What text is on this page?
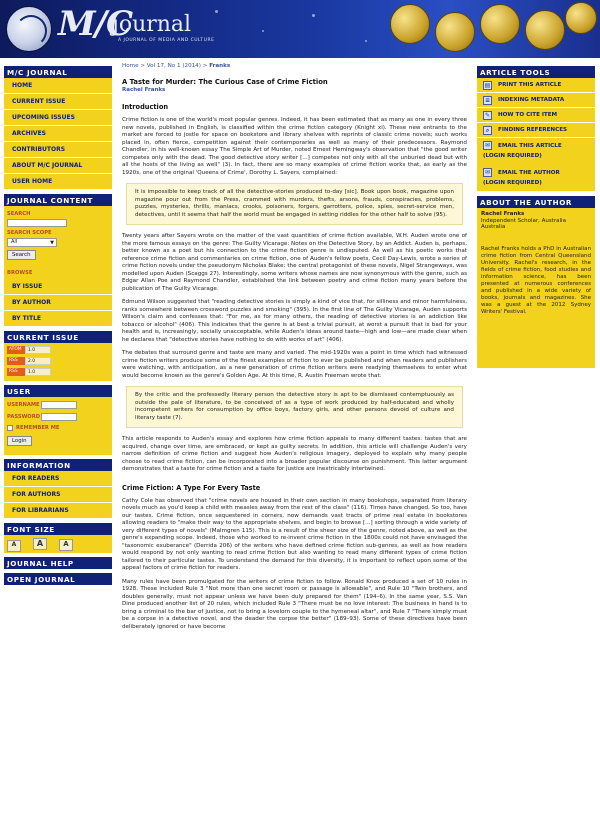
M/C
journal
A JOURNAL OF MEDIA AND CULTURE
Home > Vol 17, No 1 (2014) > Franks
M/C JOURNAL
HOME
CURRENT ISSUE
UPCOMING ISSUES
ARCHIVES
CONTRIBUTORS
ABOUT M/C JOURNAL
USER HOME
JOURNAL CONTENT
SEARCH
SEARCH SCOPE
All	▼
Search
BROWSE
BY ISSUE
BY AUTHOR
BY TITLE
CURRENT ISSUE
ATOM	1.0
RSS	2.0
RSS	1.0
USER
USERNAME
PASSWORD
REMEMBER ME
Login
INFORMATION
FOR READERS
FOR AUTHORS
FOR LIBRARIANS
FONT SIZE
A	A	A
JOURNAL HELP
OPEN JOURNAL SYSTEMS
ARTICLE TOOLS
▤ PRINT THIS ARTICLE
≡	INDEXING METADATA
✎	HOW TO CITE ITEM
⌕	FINDING REFERENCES
✉	EMAIL THIS ARTICLE
(LOGIN REQUIRED)
✉	EMAIL THE AUTHOR
(LOGIN REQUIRED)
ABOUT THE AUTHOR
Rachel Franks
Independent Scholar, Australia Australia
Rachel Franks holds a PhD in Australian crime fiction from Central Queensland University. Rachel's research, in the fields of crime fiction, food studies and information science, has been presented at numerous conferences and published in a wide variety of books, journals and magazines. She was a guest at the 2012 Sydney Writers' Festival.
A Taste for Murder: The Curious Case of Crime Fiction
Rachel Franks
Introduction

Crime fiction is one of the world's most popular genres. Indeed, it has been estimated that as many as one in every three new novels, published in English, is classified within the crime fiction category (Knight xi). These new entrants to the market are forced to jostle for space on bookstore and library shelves with reprints of classic crime novels; such works placed in, often fierce, competition against their contemporaries as well as many of their predecessors. Raymond Chandler, in his well-known essay The Simple Art of Murder, noted Ernest Hemingway's observation that "the good writer competes only with the dead. The good detective story writer [...] competes not only with all the unburied dead but with all the hosts of the living as well" (3). In fact, there are so many examples of crime fiction works that, as early as the 1920s, one of the original 'Queens of Crime', Dorothy L. Sayers, complained:

It is impossible to keep track of all the detective-stories produced to-day [sic]. Book upon book, magazine upon magazine pour out from the Press, crammed with murders, thefts, arsons, frauds, conspiracies, problems, puzzles, mysteries, thrills, maniacs, crooks, poisoners, forgers, garrotters, police, spies, secret-service men, detectives, until it seems that half the world must be engaged in setting riddles for the other half to solve (95).

Twenty years after Sayers wrote on the matter of the vast quantities of crime fiction available, W.H. Auden wrote one of the more famous essays on the genre: The Guilty Vicarage: Notes on the Detective Story, by an Addict. Auden is, perhaps, better known as a poet but his connection to the crime fiction genre is undisputed. As well as his poetic works that reference crime fiction and commentaries on crime fiction, one of Auden's fellow poets, Cecil Day-Lewis, wrote a series of crime fiction novels under the pseudonym Nicholas Blake: the central protagonist of these novels, Nigel Strangeways, was modelled upon Auden (Scaggs 27). Interestingly, some writers whose names are now synonymous with the genre, such as Edgar Allan Poe and Raymond Chandler, established the link between poetry and crime fiction many years before the publication of The Guilty Vicarage.

Edmund Wilson suggested that "reading detective stories is simply a kind of vice that, for silliness and minor harmfulness, ranks somewhere between crossword puzzles and smoking" (395). In the first line of The Guilty Vicarage, Auden supports Wilson's claim and confesses that: "For me, as for many others, the reading of detective stories is an addiction like tobacco or alcohol" (406). This indicates that the genre is at best a trivial pursuit, at worst a pursuit that is bad for your health and is, increasingly, socially unacceptable, while Auden's ideas around taste—high and low—are made clear when he declares that "detective stories have nothing to do with works of art" (406).

The debates that surround genre and taste are many and varied. The mid-1920s was a point in time which had witnessed crime fiction writers produce some of the finest examples of fiction to ever be published and when readers and publishers were watching, with anticipation, as a new generation of crime fiction writers were readying themselves to enter what would become known as the genre's Golden Age. At this time, R. Austin Freeman wrote that:

By the critic and the professedly literary person the detective story is apt to be dismissed contemptuously as outside the pale of literature, to be conceived of as a type of work produced by half-educated and wholly incompetent writers for consumption by office boys, factory girls, and other persons devoid of culture and literary taste (7).

This article responds to Auden's essay and explores how crime fiction appeals to many different tastes: tastes that are acquired, change over time, are embraced, or kept as guilty secrets. In addition, this article will challenge Auden's very narrow definition of crime fiction and suggest how Auden's religious imagery, deployed to explain why many people choose to read crime fiction, can be incorporated into a broader popular discourse on punishment. This latter argument demonstrates that a taste for crime fiction and a taste for justice are inextricably intertwined.

Crime Fiction: A Type For Every Taste

Cathy Cole has observed that "crime novels are housed in their own section in many bookshops, separated from literary novels much as you'd keep a child with measles away from the rest of the class" (116). Times have changed. So too, have our tastes. Crime fiction, once sequestered in corners, now demands vast tracts of prime real estate in bookstores allowing readers to "make their way to the appropriate shelves, and begin to browse [...] sorting through a wide variety of very different types of novels" (Malmgren 115). This is a result of the sheer size of the genre, noted above, as well as the genre's expanding scope. Indeed, those who worked to re-invent crime fiction in the 1800s could not have envisaged the "taxonomic exuberance" (Derrida 206) of the writers who have defined crime fiction sub-genres, as well as how readers would respond by not only wanting to read crime fiction but also wanting to read many different types of crime fiction tailored to their particular tastes. To understand the demand for this diversity, it is important to reflect upon some of the appeal factors of crime fiction for readers.

Many rules have been promulgated for the writers of crime fiction to follow. Ronald Knox produced a set of 10 rules in 1928. These included Rule 3 "Not more than one secret room or passage is allowable", and Rule 10 "Twin brothers, and doubles generally, must not appear unless we have been duly prepared for them" (194–6). In the same year, S.S. Van Dine produced another list of 20 rules, which included Rule 3 "There must be no love interest: The business in hand is to bring a criminal to the bar of justice, not to bring a lovelorn couple to the hymeneal altar", and Rule 7 "There simply must be a corpse in a detective novel, and the deader the corpse the better" (189–93). Some of these directives have been deliberately ignored or have become
